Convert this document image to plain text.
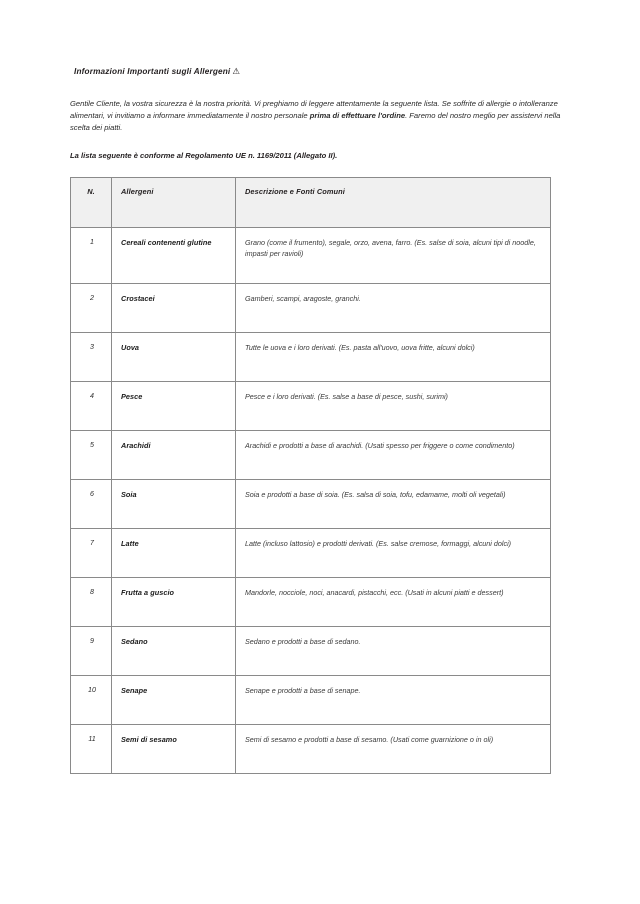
Informazioni Importanti sugli Allergeni ⚠

Gentile Cliente, la vostra sicurezza è la nostra priorità. Vi preghiamo di leggere attentamente la seguente lista. Se soffrite di allergie o intolleranze alimentari, vi invitiamo a informare immediatamente il nostro personale prima di effettuare l'ordine. Faremo del nostro meglio per assistervi nella scelta dei piatti.

La lista seguente è conforme al Regolamento UE n. 1169/2011 (Allegato II).

N.	Allergeni	Descrizione e Fonti Comuni
1	Cereali contenenti glutine	Grano (come il frumento), segale, orzo, avena, farro. (Es. salse di soia, alcuni tipi di noodle, impasti per ravioli)
2	Crostacei	Gamberi, scampi, aragoste, granchi.
3	Uova	Tutte le uova e i loro derivati. (Es. pasta all'uovo, uova fritte, alcuni dolci)
4	Pesce	Pesce e i loro derivati. (Es. salse a base di pesce, sushi, surimi)
5	Arachidi	Arachidi e prodotti a base di arachidi. (Usati spesso per friggere o come condimento)
6	Soia	Soia e prodotti a base di soia. (Es. salsa di soia, tofu, edamame, molti oli vegetali)
7	Latte	Latte (incluso lattosio) e prodotti derivati. (Es. salse cremose, formaggi, alcuni dolci)
8	Frutta a guscio	Mandorle, nocciole, noci, anacardi, pistacchi, ecc. (Usati in alcuni piatti e dessert)
9	Sedano	Sedano e prodotti a base di sedano.
10	Senape	Senape e prodotti a base di senape.
11	Semi di sesamo	Semi di sesamo e prodotti a base di sesamo. (Usati come guarnizione o in oli)
